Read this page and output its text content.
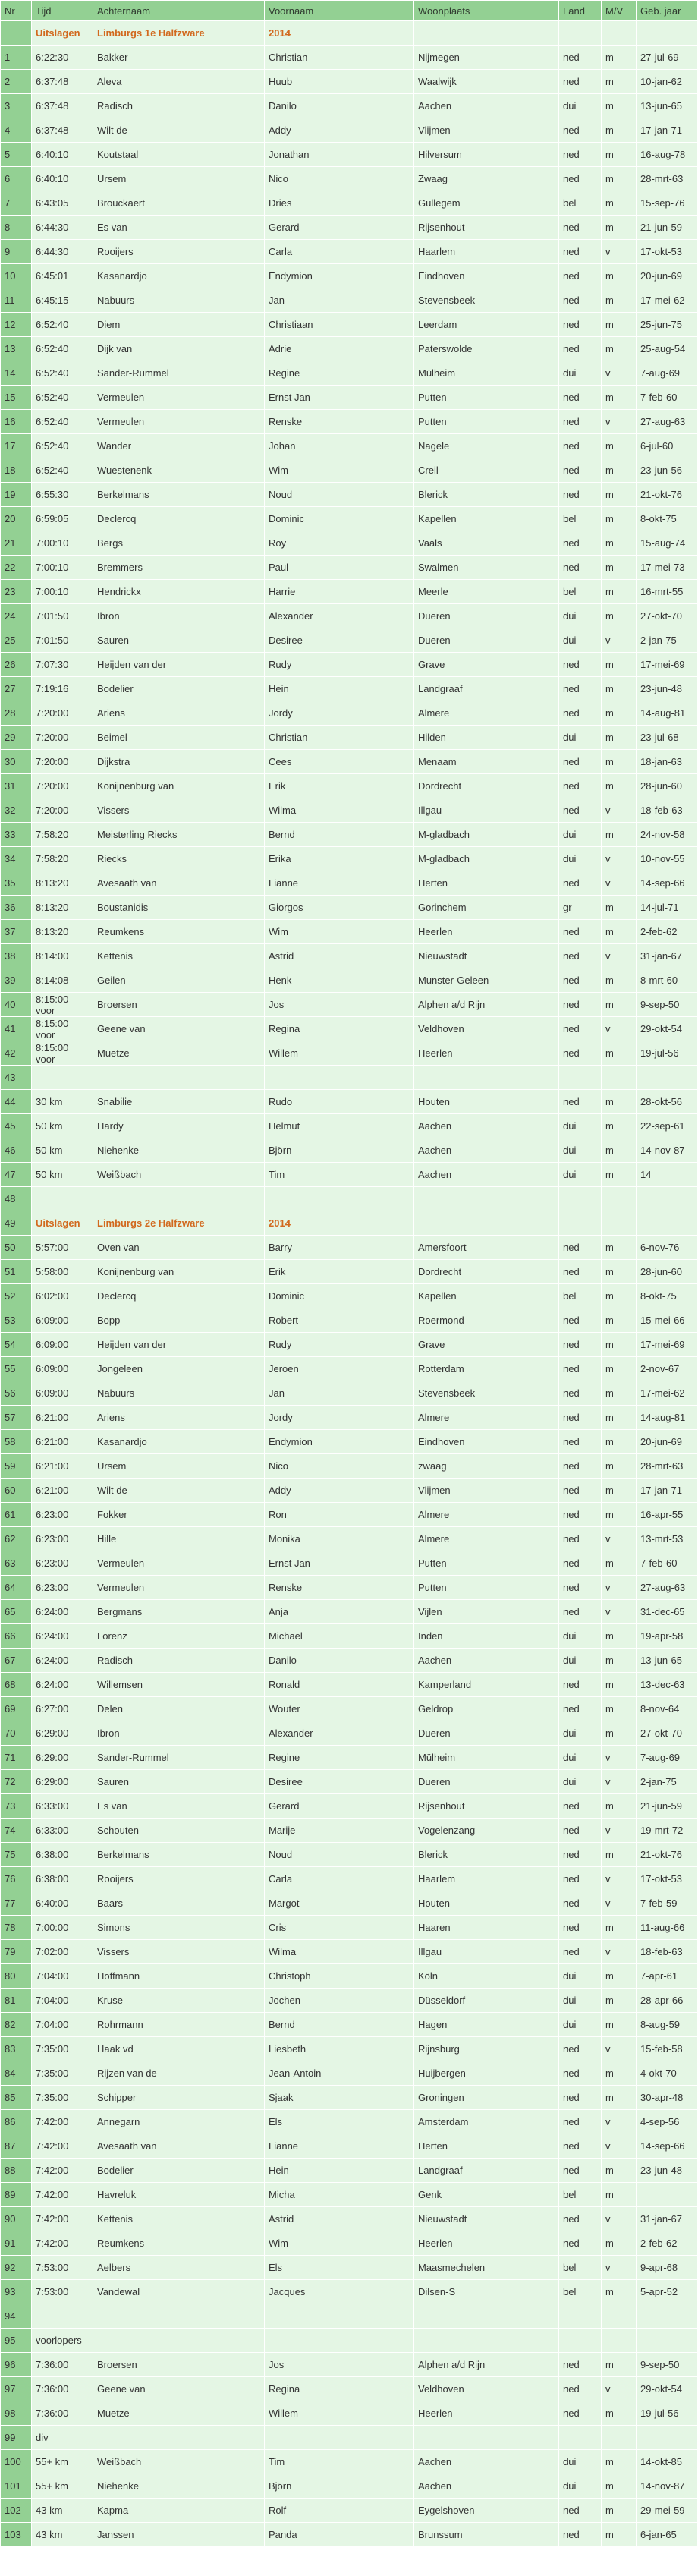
Nr	Tijd	Achternaam	Voornaam	Woonplaats	Land	M/V	Geb. jaar
	Uitslagen	Limburgs 1e Halfzware	2014				
1	6:22:30	Bakker	Christian	Nijmegen	ned	m	27-jul-69
2	6:37:48	Aleva	Huub	Waalwijk	ned	m	10-jan-62
3	6:37:48	Radisch	Danilo	Aachen	dui	m	13-jun-65
4	6:37:48	Wilt de	Addy	Vlijmen	ned	m	17-jan-71
5	6:40:10	Koutstaal	Jonathan	Hilversum	ned	m	16-aug-78
6	6:40:10	Ursem	Nico	Zwaag	ned	m	28-mrt-63
7	6:43:05	Brouckaert	Dries	Gullegem	bel	m	15-sep-76
8	6:44:30	Es van	Gerard	Rijsenhout	ned	m	21-jun-59
9	6:44:30	Rooijers	Carla	Haarlem	ned	v	17-okt-53
10	6:45:01	Kasanardjo	Endymion	Eindhoven	ned	m	20-jun-69
11	6:45:15	Nabuurs	Jan	Stevensbeek	ned	m	17-mei-62
12	6:52:40	Diem	Christiaan	Leerdam	ned	m	25-jun-75
13	6:52:40	Dijk van	Adrie	Paterswolde	ned	m	25-aug-54
14	6:52:40	Sander-Rummel	Regine	Mülheim	dui	v	7-aug-69
15	6:52:40	Vermeulen	Ernst Jan	Putten	ned	m	7-feb-60
16	6:52:40	Vermeulen	Renske	Putten	ned	v	27-aug-63
17	6:52:40	Wander	Johan	Nagele	ned	m	6-jul-60
18	6:52:40	Wuestenenk	Wim	Creil	ned	m	23-jun-56
19	6:55:30	Berkelmans	Noud	Blerick	ned	m	21-okt-76
20	6:59:05	Declercq	Dominic	Kapellen	bel	m	8-okt-75
21	7:00:10	Bergs	Roy	Vaals	ned	m	15-aug-74
22	7:00:10	Bremmers	Paul	Swalmen	ned	m	17-mei-73
23	7:00:10	Hendrickx	Harrie	Meerle	bel	m	16-mrt-55
24	7:01:50	Ibron	Alexander	Dueren	dui	m	27-okt-70
25	7:01:50	Sauren	Desiree	Dueren	dui	v	2-jan-75
26	7:07:30	Heijden van der	Rudy	Grave	ned	m	17-mei-69
27	7:19:16	Bodelier	Hein	Landgraaf	ned	m	23-jun-48
28	7:20:00	Ariens	Jordy	Almere	ned	m	14-aug-81
29	7:20:00	Beimel	Christian	Hilden	dui	m	23-jul-68
30	7:20:00	Dijkstra	Cees	Menaam	ned	m	18-jan-63
31	7:20:00	Konijnenburg van	Erik	Dordrecht	ned	m	28-jun-60
32	7:20:00	Vissers	Wilma	Illgau	ned	v	18-feb-63
33	7:58:20	Meisterling Riecks	Bernd	M-gladbach	dui	m	24-nov-58
34	7:58:20	Riecks	Erika	M-gladbach	dui	v	10-nov-55
35	8:13:20	Avesaath van	Lianne	Herten	ned	v	14-sep-66
36	8:13:20	Boustanidis	Giorgos	Gorinchem	gr	m	14-jul-71
37	8:13:20	Reumkens	Wim	Heerlen	ned	m	2-feb-62
38	8:14:00	Kettenis	Astrid	Nieuwstadt	ned	v	31-jan-67
39	8:14:08	Geilen	Henk	Munster-Geleen	ned	m	8-mrt-60
40	8:15:00 voor	Broersen	Jos	Alphen a/d Rijn	ned	m	9-sep-50
41	8:15:00 voor	Geene van	Regina	Veldhoven	ned	v	29-okt-54
42	8:15:00 voor	Muetze	Willem	Heerlen	ned	m	19-jul-56
43							
44	30 km	Snabilie	Rudo	Houten	ned	m	28-okt-56
45	50 km	Hardy	Helmut	Aachen	dui	m	22-sep-61
46	50 km	Niehenke	Björn	Aachen	dui	m	14-nov-87
47	50 km	Weißbach	Tim	Aachen	dui	m	14
48							
49	Uitslagen	Limburgs 2e Halfzware	2014				
50	5:57:00	Oven van	Barry	Amersfoort	ned	m	6-nov-76
51	5:58:00	Konijnenburg van	Erik	Dordrecht	ned	m	28-jun-60
52	6:02:00	Declercq	Dominic	Kapellen	bel	m	8-okt-75
53	6:09:00	Bopp	Robert	Roermond	ned	m	15-mei-66
54	6:09:00	Heijden van der	Rudy	Grave	ned	m	17-mei-69
55	6:09:00	Jongeleen	Jeroen	Rotterdam	ned	m	2-nov-67
56	6:09:00	Nabuurs	Jan	Stevensbeek	ned	m	17-mei-62
57	6:21:00	Ariens	Jordy	Almere	ned	m	14-aug-81
58	6:21:00	Kasanardjo	Endymion	Eindhoven	ned	m	20-jun-69
59	6:21:00	Ursem	Nico	zwaag	ned	m	28-mrt-63
60	6:21:00	Wilt de	Addy	Vlijmen	ned	m	17-jan-71
61	6:23:00	Fokker	Ron	Almere	ned	m	16-apr-55
62	6:23:00	Hille	Monika	Almere	ned	v	13-mrt-53
63	6:23:00	Vermeulen	Ernst Jan	Putten	ned	m	7-feb-60
64	6:23:00	Vermeulen	Renske	Putten	ned	v	27-aug-63
65	6:24:00	Bergmans	Anja	Vijlen	ned	v	31-dec-65
66	6:24:00	Lorenz	Michael	Inden	dui	m	19-apr-58
67	6:24:00	Radisch	Danilo	Aachen	dui	m	13-jun-65
68	6:24:00	Willemsen	Ronald	Kamperland	ned	m	13-dec-63
69	6:27:00	Delen	Wouter	Geldrop	ned	m	8-nov-64
70	6:29:00	Ibron	Alexander	Dueren	dui	m	27-okt-70
71	6:29:00	Sander-Rummel	Regine	Mülheim	dui	v	7-aug-69
72	6:29:00	Sauren	Desiree	Dueren	dui	v	2-jan-75
73	6:33:00	Es van	Gerard	Rijsenhout	ned	m	21-jun-59
74	6:33:00	Schouten	Marije	Vogelenzang	ned	v	19-mrt-72
75	6:38:00	Berkelmans	Noud	Blerick	ned	m	21-okt-76
76	6:38:00	Rooijers	Carla	Haarlem	ned	v	17-okt-53
77	6:40:00	Baars	Margot	Houten	ned	v	7-feb-59
78	7:00:00	Simons	Cris	Haaren	ned	m	11-aug-66
79	7:02:00	Vissers	Wilma	Illgau	ned	v	18-feb-63
80	7:04:00	Hoffmann	Christoph	Köln	dui	m	7-apr-61
81	7:04:00	Kruse	Jochen	Düsseldorf	dui	m	28-apr-66
82	7:04:00	Rohrmann	Bernd	Hagen	dui	m	8-aug-59
83	7:35:00	Haak vd	Liesbeth	Rijnsburg	ned	v	15-feb-58
84	7:35:00	Rijzen van de	Jean-Antoin	Huijbergen	ned	m	4-okt-70
85	7:35:00	Schipper	Sjaak	Groningen	ned	m	30-apr-48
86	7:42:00	Annegarn	Els	Amsterdam	ned	v	4-sep-56
87	7:42:00	Avesaath van	Lianne	Herten	ned	v	14-sep-66
88	7:42:00	Bodelier	Hein	Landgraaf	ned	m	23-jun-48
89	7:42:00	Havreluk	Micha	Genk	bel	m	
90	7:42:00	Kettenis	Astrid	Nieuwstadt	ned	v	31-jan-67
91	7:42:00	Reumkens	Wim	Heerlen	ned	m	2-feb-62
92	7:53:00	Aelbers	Els	Maasmechelen	bel	v	9-apr-68
93	7:53:00	Vandewal	Jacques	Dilsen-S	bel	m	5-apr-52
94							
95	voorlopers						
96	7:36:00	Broersen	Jos	Alphen a/d Rijn	ned	m	9-sep-50
97	7:36:00	Geene van	Regina	Veldhoven	ned	v	29-okt-54
98	7:36:00	Muetze	Willem	Heerlen	ned	m	19-jul-56
99	div						
100	55+ km	Weißbach	Tim	Aachen	dui	m	14-okt-85
101	55+ km	Niehenke	Björn	Aachen	dui	m	14-nov-87
102	43 km	Kapma	Rolf	Eygelshoven	ned	m	29-mei-59
103	43 km	Janssen	Panda	Brunssum	ned	m	6-jan-65
